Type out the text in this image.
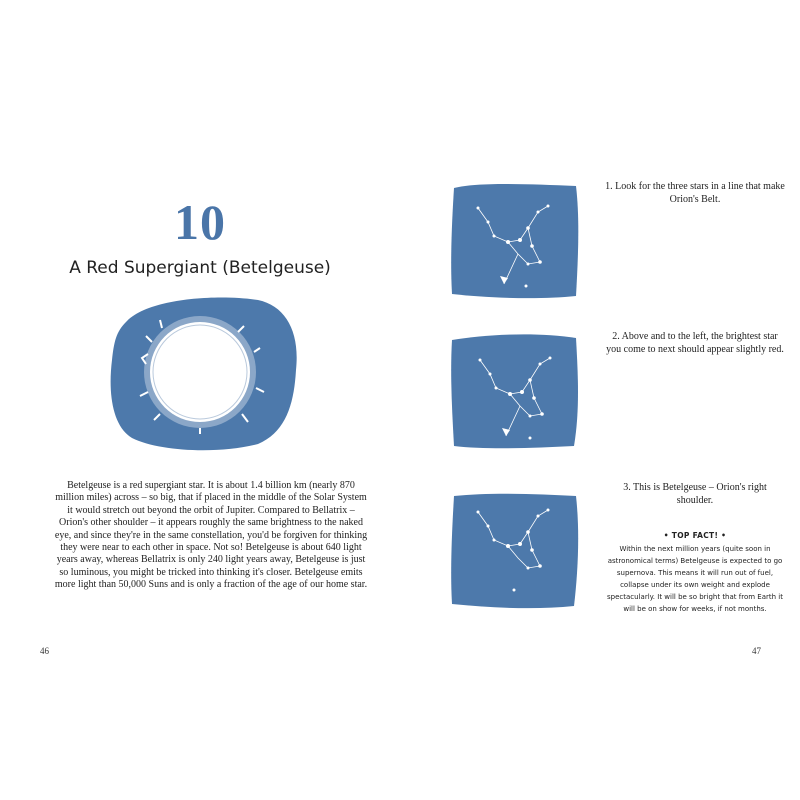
10
A Red Supergiant (Betelgeuse)

Betelgeuse is a red supergiant star. It is about 1.4 billion km (nearly 870 million miles) across – so big, that if placed in the middle of the Solar System it would stretch out beyond the orbit of Jupiter. Compared to Bellatrix – Orion's other shoulder – it appears roughly the same brightness to the naked eye, and since they're in the same constellation, you'd be forgiven for thinking they were near to each other in space. Not so! Betelgeuse is about 640 light years away, whereas Bellatrix is only 240 light years away, Betelgeuse is just so luminous, you might be tricked into thinking it's closer. Betelgeuse emits more light than 50,000 Suns and is only a fraction of the age of our home star.

46

1. Look for the three stars in a line that make Orion's Belt.

2. Above and to the left, the brightest star you come to next should appear slightly red.

3. This is Betelgeuse – Orion's right shoulder.

• TOP FACT! •

Within the next million years (quite soon in astronomical terms) Betelgeuse is expected to go supernova. This means it will run out of fuel, collapse under its own weight and explode spectacularly. It will be so bright that from Earth it will be on show for weeks, if not months.

47
